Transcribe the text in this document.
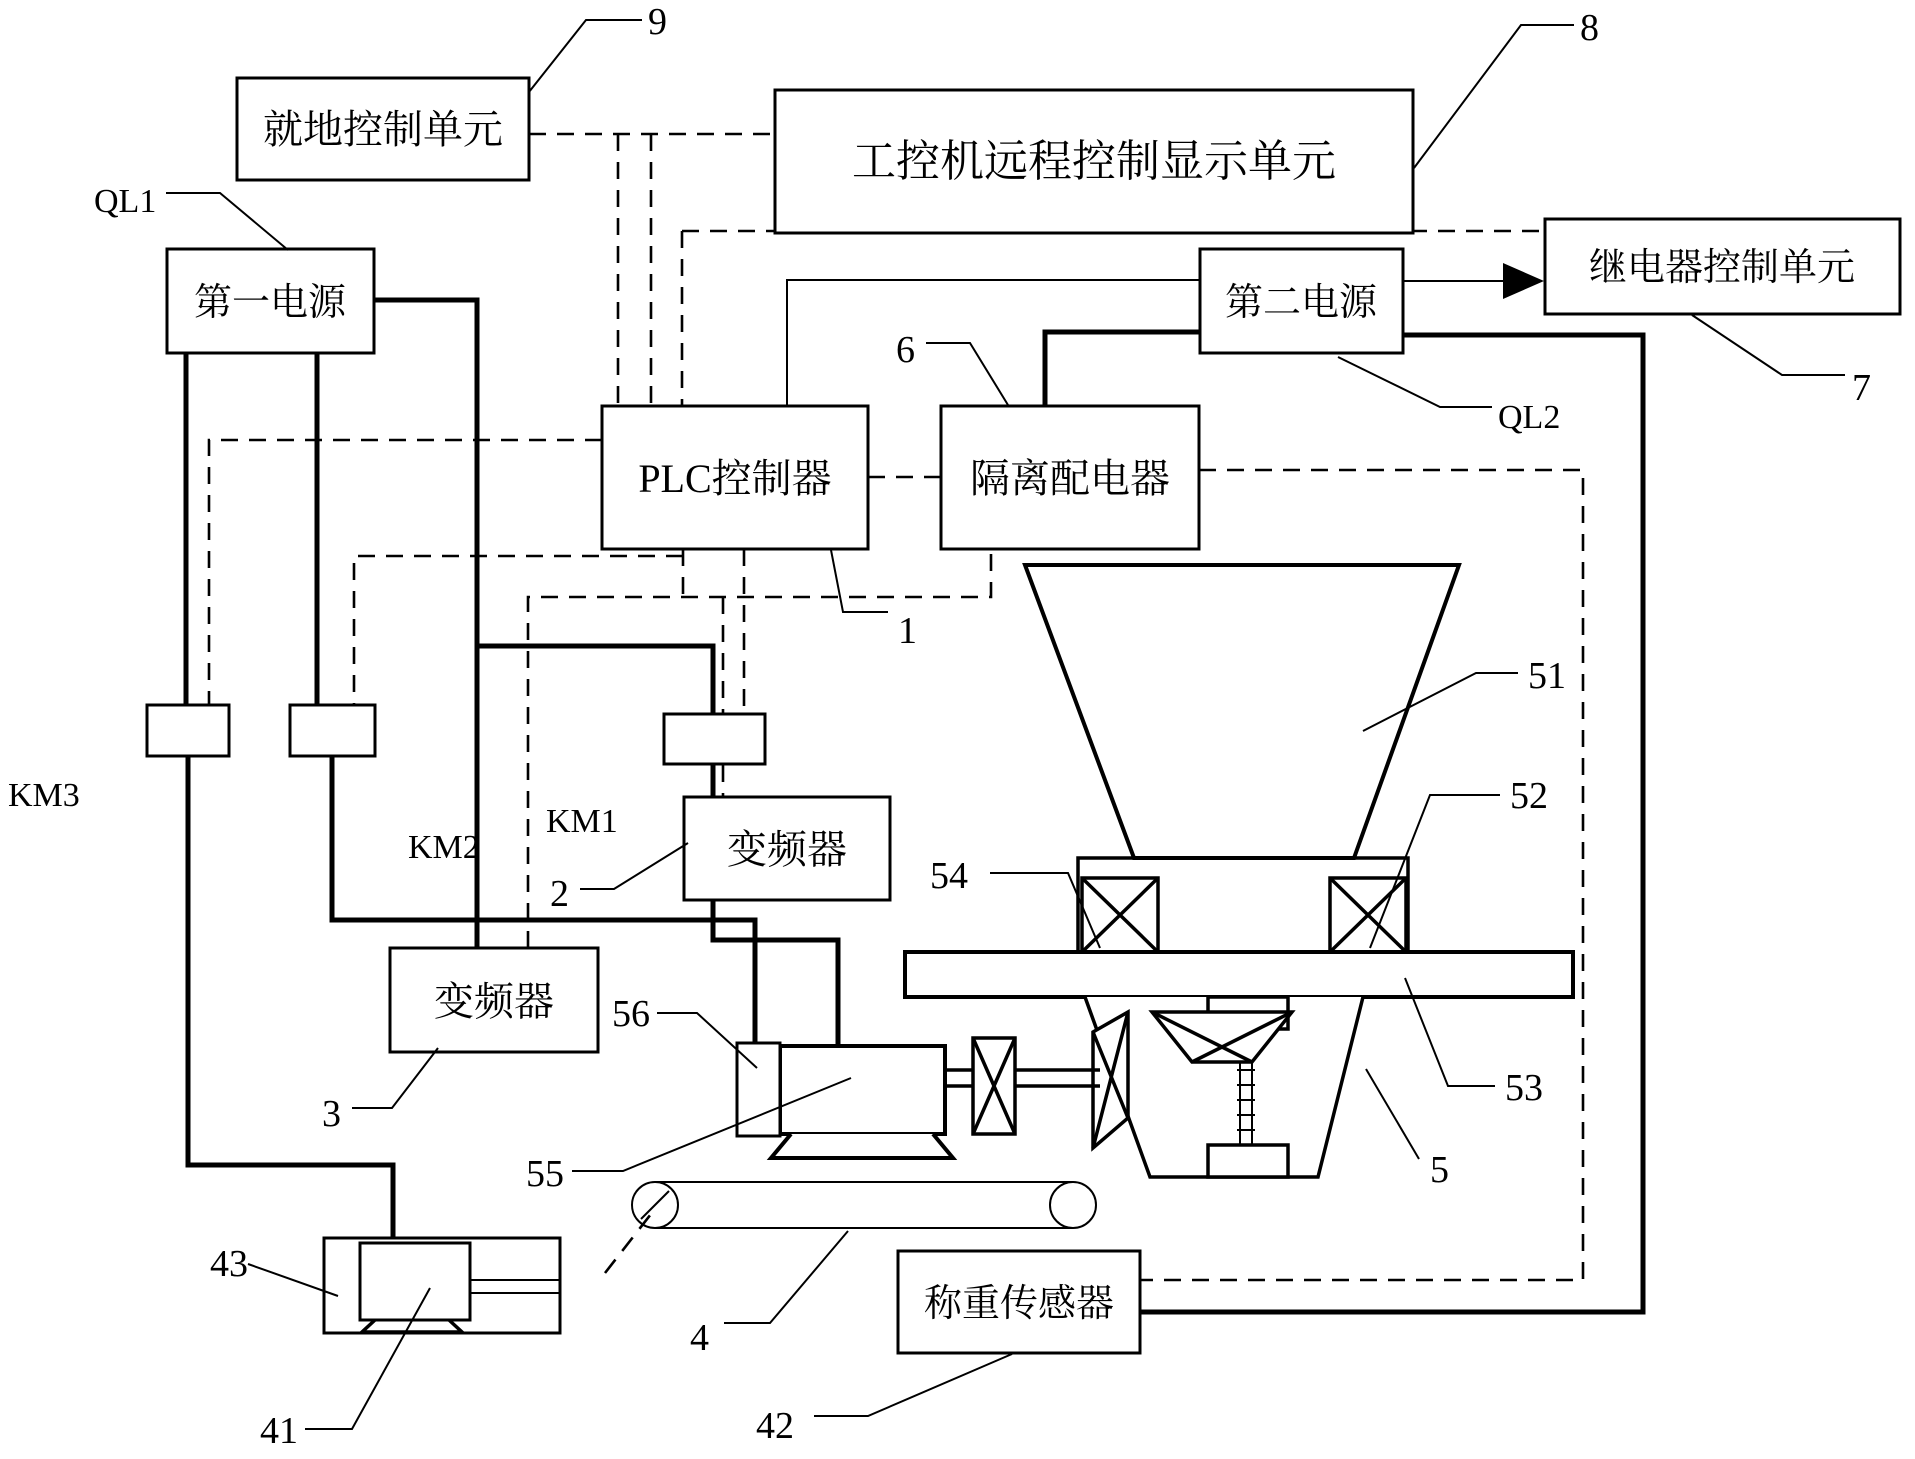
就地控制单元
工控机远程控制显示单元
第一电源	第二电源
PLC控制器	隔离配电器
继电器控制单元
变频器
变频器
称重传感器
9	8
QL1
QL2
7
1
2
3
6
KM3
KM2
KM1
51
52
54
53
5
55
56
4
41
43
42
